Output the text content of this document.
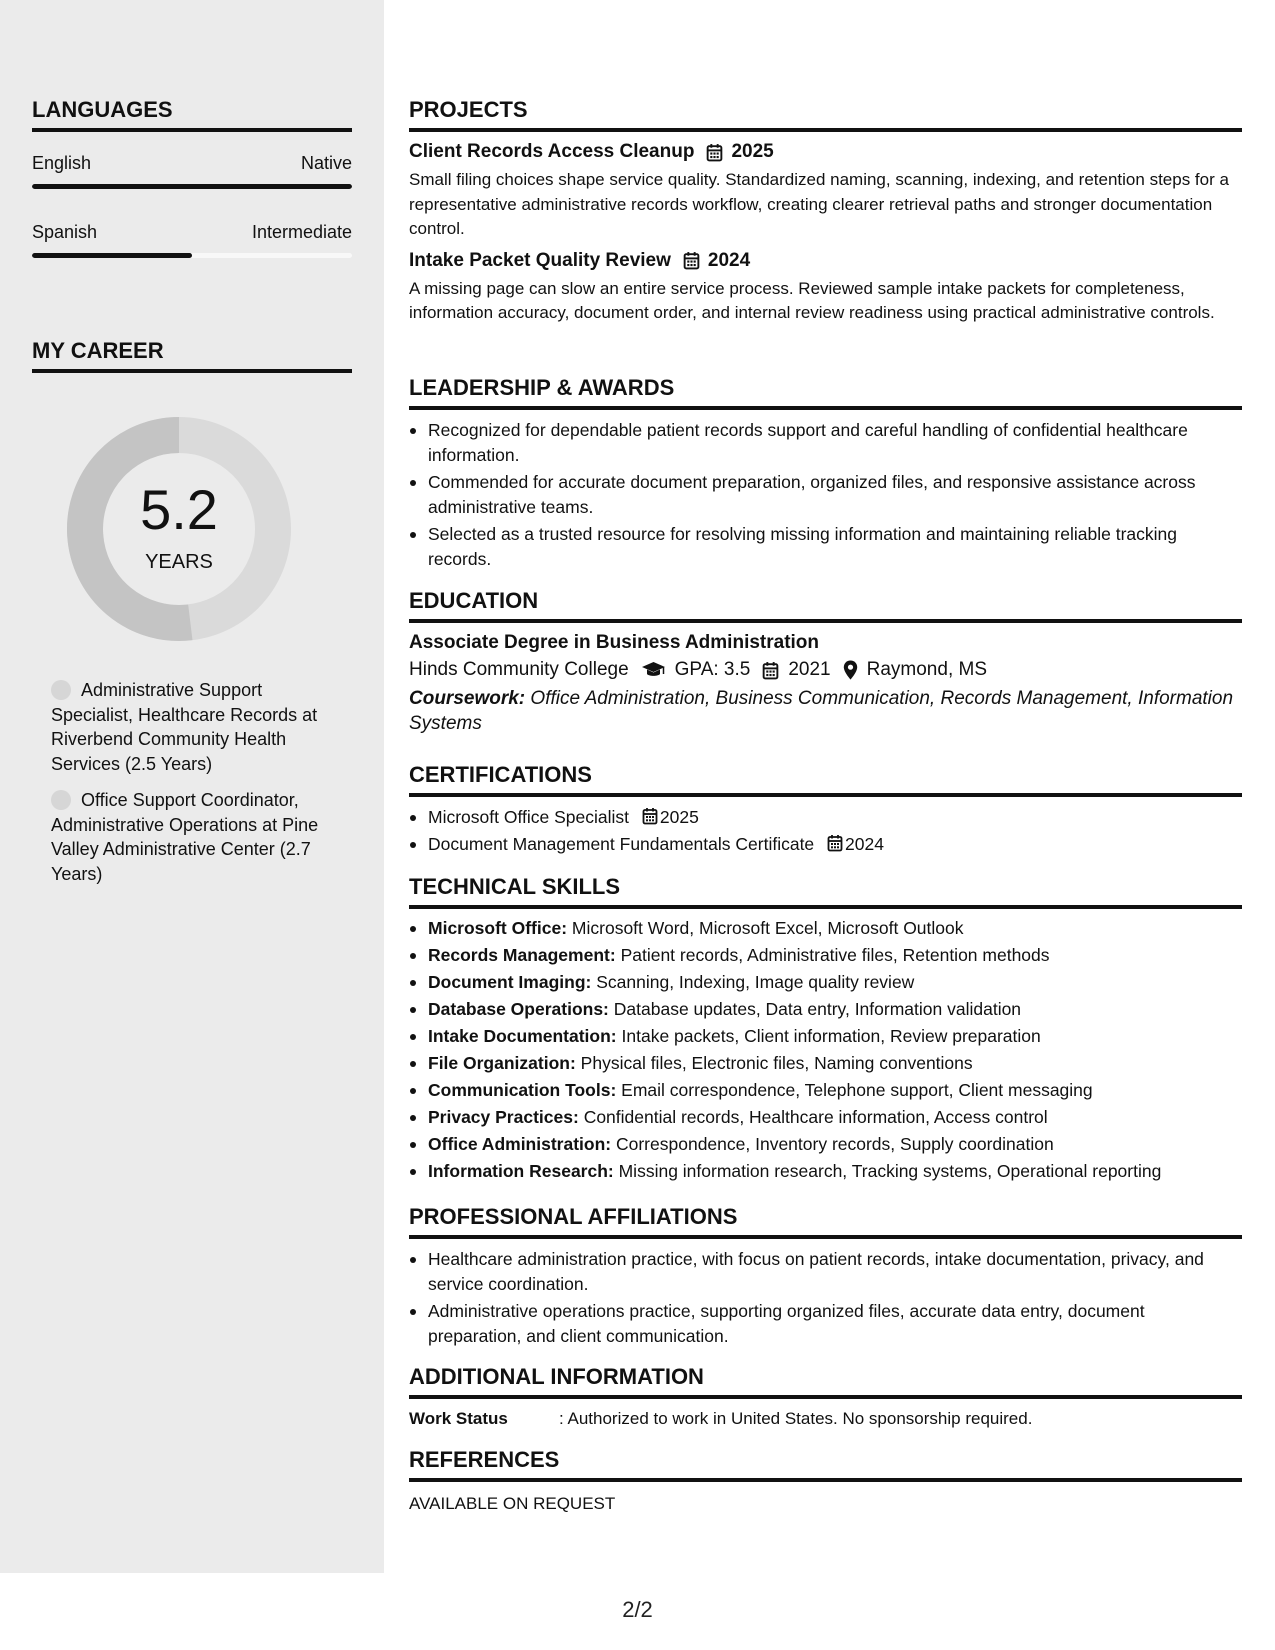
LANGUAGES
English	Native
Spanish	Intermediate
MY CAREER
5.2
YEARS
Administrative Support Specialist, Healthcare Records at Riverbend Community Health Services (2.5 Years)
Office Support Coordinator, Administrative Operations at Pine Valley Administrative Center (2.7 Years)
PROJECTS
Client Records Access Cleanup 2025
Small filing choices shape service quality. Standardized naming, scanning, indexing, and retention steps for a representative administrative records workflow, creating clearer retrieval paths and stronger documentation control.
Intake Packet Quality Review 2024
A missing page can slow an entire service process. Reviewed sample intake packets for completeness, information accuracy, document order, and internal review readiness using practical administrative controls.
LEADERSHIP & AWARDS
Recognized for dependable patient records support and careful handling of confidential healthcare information.
Commended for accurate document preparation, organized files, and responsive assistance across administrative teams.
Selected as a trusted resource for resolving missing information and maintaining reliable tracking records.
EDUCATION
Associate Degree in Business Administration
Hinds Community College GPA: 3.5 2021 Raymond, MS
Coursework: Office Administration, Business Communication, Records Management, Information Systems
CERTIFICATIONS
Microsoft Office Specialist 2025
Document Management Fundamentals Certificate 2024
TECHNICAL SKILLS
Microsoft Office: Microsoft Word, Microsoft Excel, Microsoft Outlook
Records Management: Patient records, Administrative files, Retention methods
Document Imaging: Scanning, Indexing, Image quality review
Database Operations: Database updates, Data entry, Information validation
Intake Documentation: Intake packets, Client information, Review preparation
File Organization: Physical files, Electronic files, Naming conventions
Communication Tools: Email correspondence, Telephone support, Client messaging
Privacy Practices: Confidential records, Healthcare information, Access control
Office Administration: Correspondence, Inventory records, Supply coordination
Information Research: Missing information research, Tracking systems, Operational reporting
PROFESSIONAL AFFILIATIONS
Healthcare administration practice, with focus on patient records, intake documentation, privacy, and service coordination.
Administrative operations practice, supporting organized files, accurate data entry, document preparation, and client communication.
ADDITIONAL INFORMATION
Work Status	: Authorized to work in United States. No sponsorship required.
REFERENCES
AVAILABLE ON REQUEST
2/2
